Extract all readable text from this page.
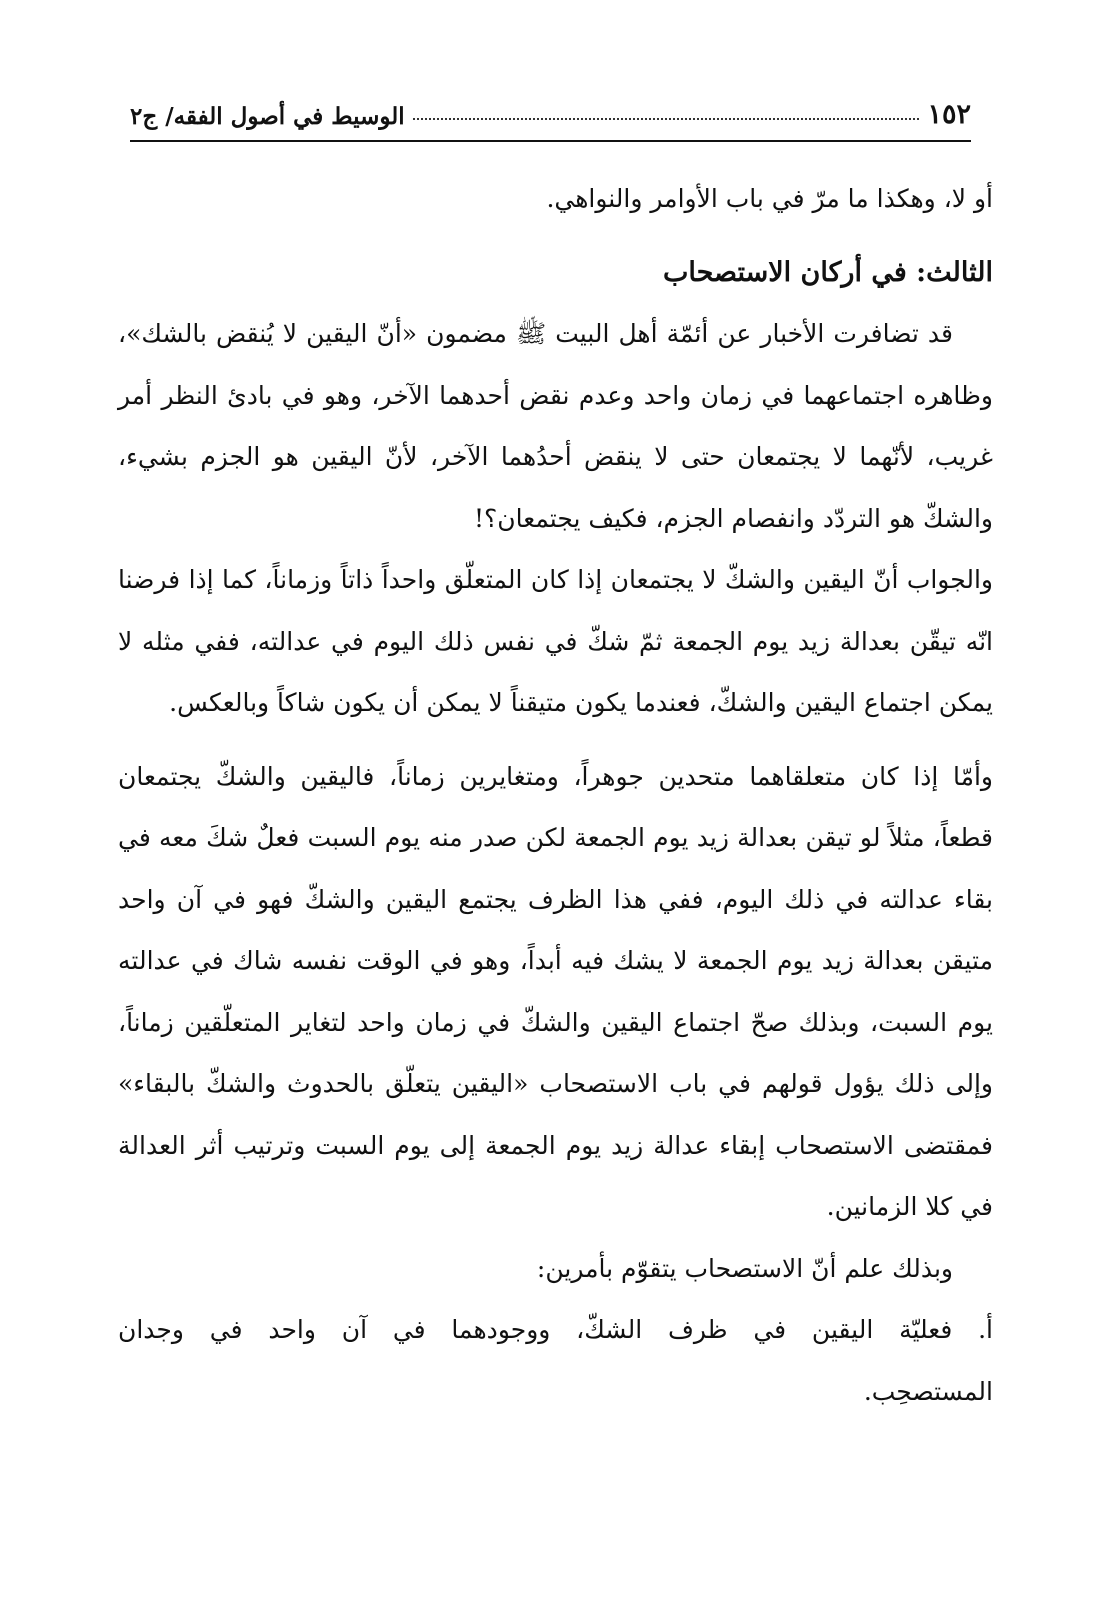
١٥٢
الوسيط في أصول الفقه/ ج٢

أو لا، وهكذا ما مرّ في باب الأوامر والنواهي.

الثالث: في أركان الاستصحاب

قد تضافرت الأخبار عن أئمّة أهل البيت ﷺ مضمون «أنّ اليقين لا يُنقض بالشك»، وظاهره اجتماعهما في زمان واحد وعدم نقض أحدهما الآخر، وهو في بادئ النظر أمر غريب، لأنّهما لا يجتمعان حتى لا ينقض أحدُهما الآخر، لأنّ اليقين هو الجزم بشيء، والشكّ هو التردّد وانفصام الجزم، فكيف يجتمعان؟!

والجواب أنّ اليقين والشكّ لا يجتمعان إذا كان المتعلّق واحداً ذاتاً وزماناً، كما إذا فرضنا انّه تيقّن بعدالة زيد يوم الجمعة ثمّ شكّ في نفس ذلك اليوم في عدالته، ففي مثله لا يمكن اجتماع اليقين والشكّ، فعندما يكون متيقناً لا يمكن أن يكون شاكاً وبالعكس.

وأمّا إذا كان متعلقاهما متحدين جوهراً، ومتغايرين زماناً، فاليقين والشكّ يجتمعان قطعاً، مثلاً لو تيقن بعدالة زيد يوم الجمعة لكن صدر منه يوم السبت فعلٌ شكَ معه في بقاء عدالته في ذلك اليوم، ففي هذا الظرف يجتمع اليقين والشكّ فهو في آن واحد متيقن بعدالة زيد يوم الجمعة لا يشك فيه أبداً، وهو في الوقت نفسه شاك في عدالته يوم السبت، وبذلك صحّ اجتماع اليقين والشكّ في زمان واحد لتغاير المتعلّقين زماناً، وإلى ذلك يؤول قولهم في باب الاستصحاب «اليقين يتعلّق بالحدوث والشكّ بالبقاء» فمقتضى الاستصحاب إبقاء عدالة زيد يوم الجمعة إلى يوم السبت وترتيب أثر العدالة في كلا الزمانين.

وبذلك علم أنّ الاستصحاب يتقوّم بأمرين:

أ. فعليّة اليقين في ظرف الشكّ، ووجودهما في آن واحد في وجدان

المستصحِب.
